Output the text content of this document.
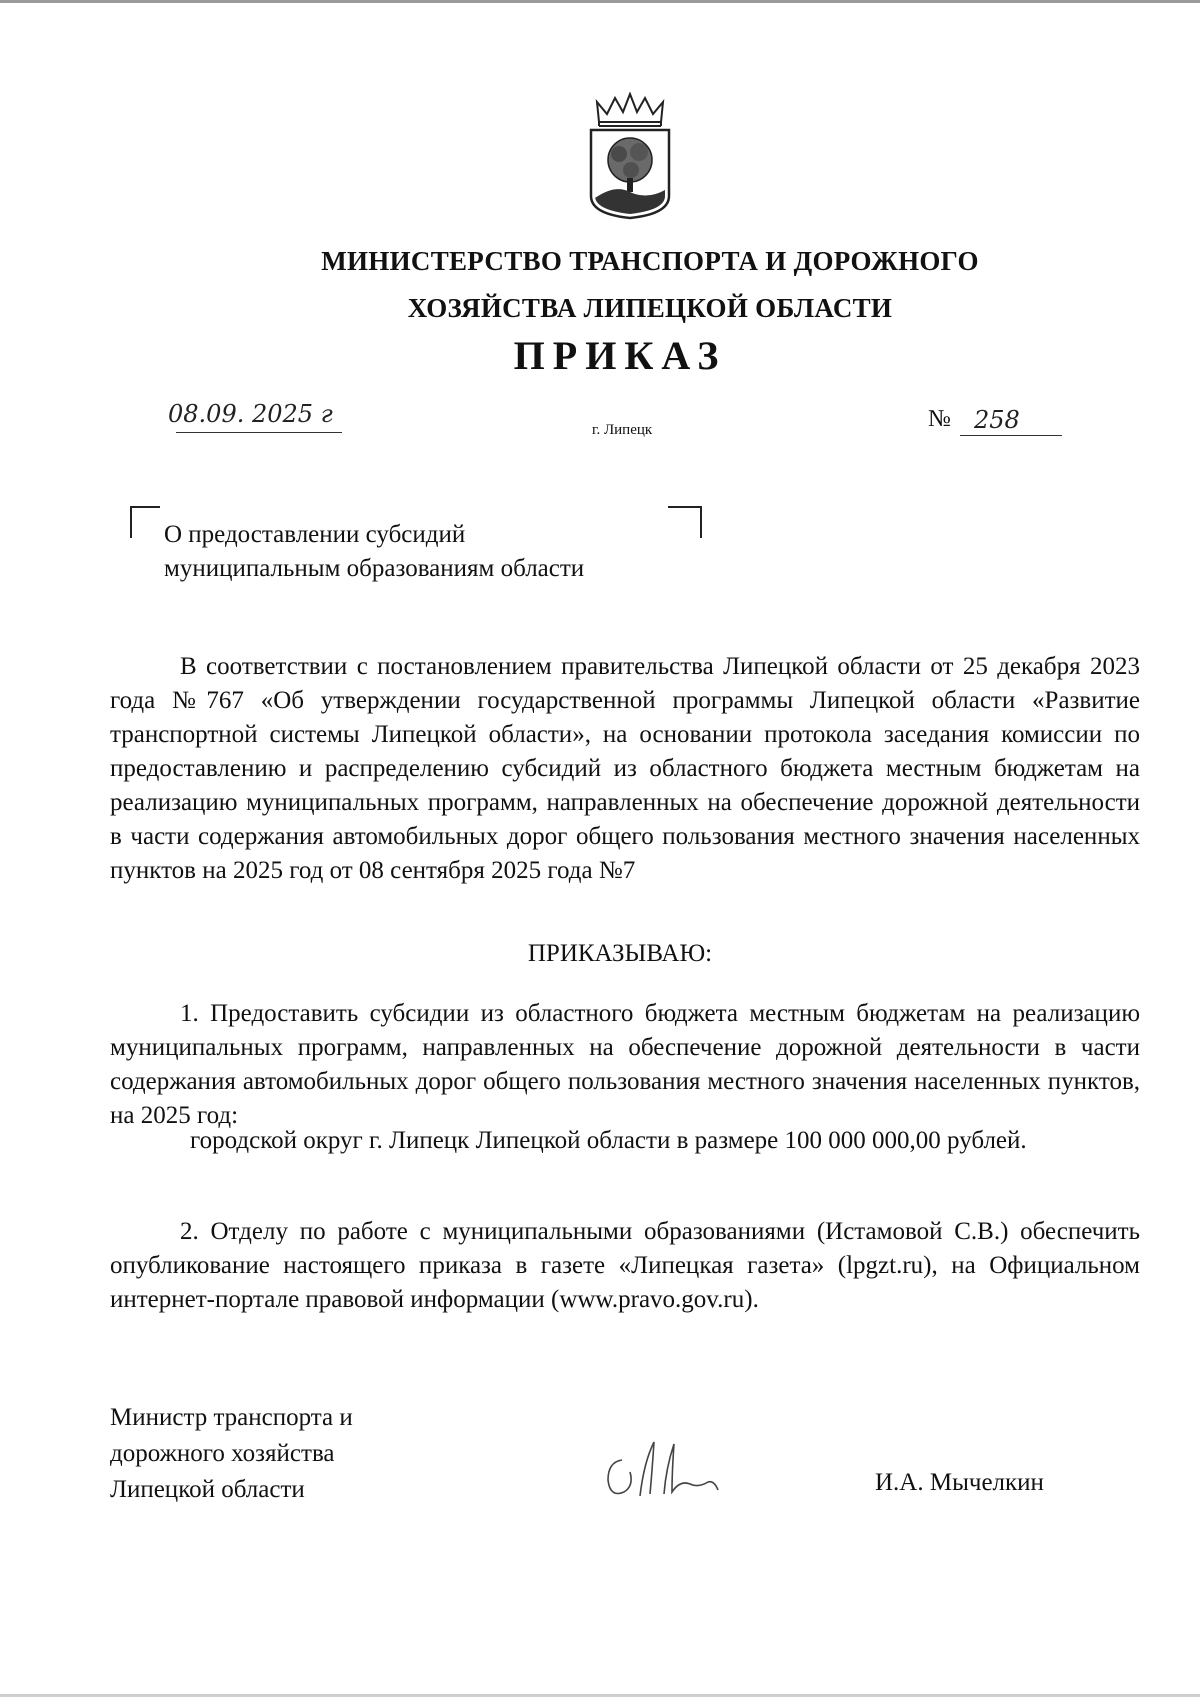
МИНИСТЕРСТВО ТРАНСПОРТА И ДОРОЖНОГО
ХОЗЯЙСТВА ЛИПЕЦКОЙ ОБЛАСТИ
ПРИКАЗ
08.09. 2025 г
г. Липецк	№ 258
О предоставлении субсидий
муниципальным образованиям области
В соответствии с постановлением правительства Липецкой области от 25 декабря 2023 года №767 «Об утверждении государственной программы Липецкой области «Развитие транспортной системы Липецкой области», на основании протокола заседания комиссии по предоставлению и распределению субсидий из областного бюджета местным бюджетам на реализацию муниципальных программ, направленных на обеспечение дорожной деятельности в части содержания автомобильных дорог общего пользования местного значения населенных пунктов на 2025 год от 08 сентября 2025 года №7
ПРИКАЗЫВАЮ:
1. Предоставить субсидии из областного бюджета местным бюджетам на реализацию муниципальных программ, направленных на обеспечение дорожной деятельности в части содержания автомобильных дорог общего пользования местного значения населенных пунктов, на 2025 год:
городской округ г. Липецк Липецкой области в размере 100 000 000,00 рублей.
2. Отделу по работе с муниципальными образованиями (Истамовой С.В.) обеспечить опубликование настоящего приказа в газете «Липецкая газета» (lpgzt.ru), на Официальном интернет-портале правовой информации (www.pravo.gov.ru).
Министр транспорта и
дорожного хозяйства
Липецкой области	И.А. Мычелкин
